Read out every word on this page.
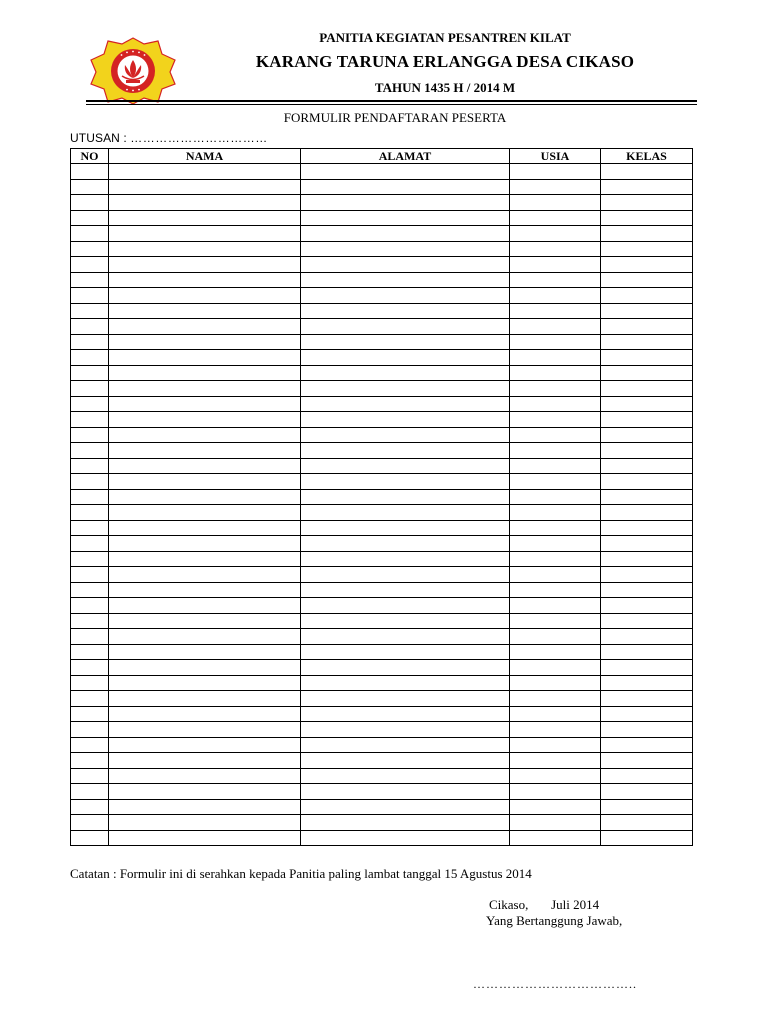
PANITIA KEGIATAN PESANTREN KILAT
KARANG TARUNA ERLANGGA DESA CIKASO
TAHUN 1435 H / 2014 M
FORMULIR PENDAFTARAN PESERTA
UTUSAN : ……………………………
NO	NAMA	ALAMAT	USIA	KELAS

Catatan : Formulir ini di serahkan kepada Panitia paling lambat tanggal 15 Agustus 2014
Cikaso,       Juli 2014
Yang Bertanggung Jawab,
………………………………..
